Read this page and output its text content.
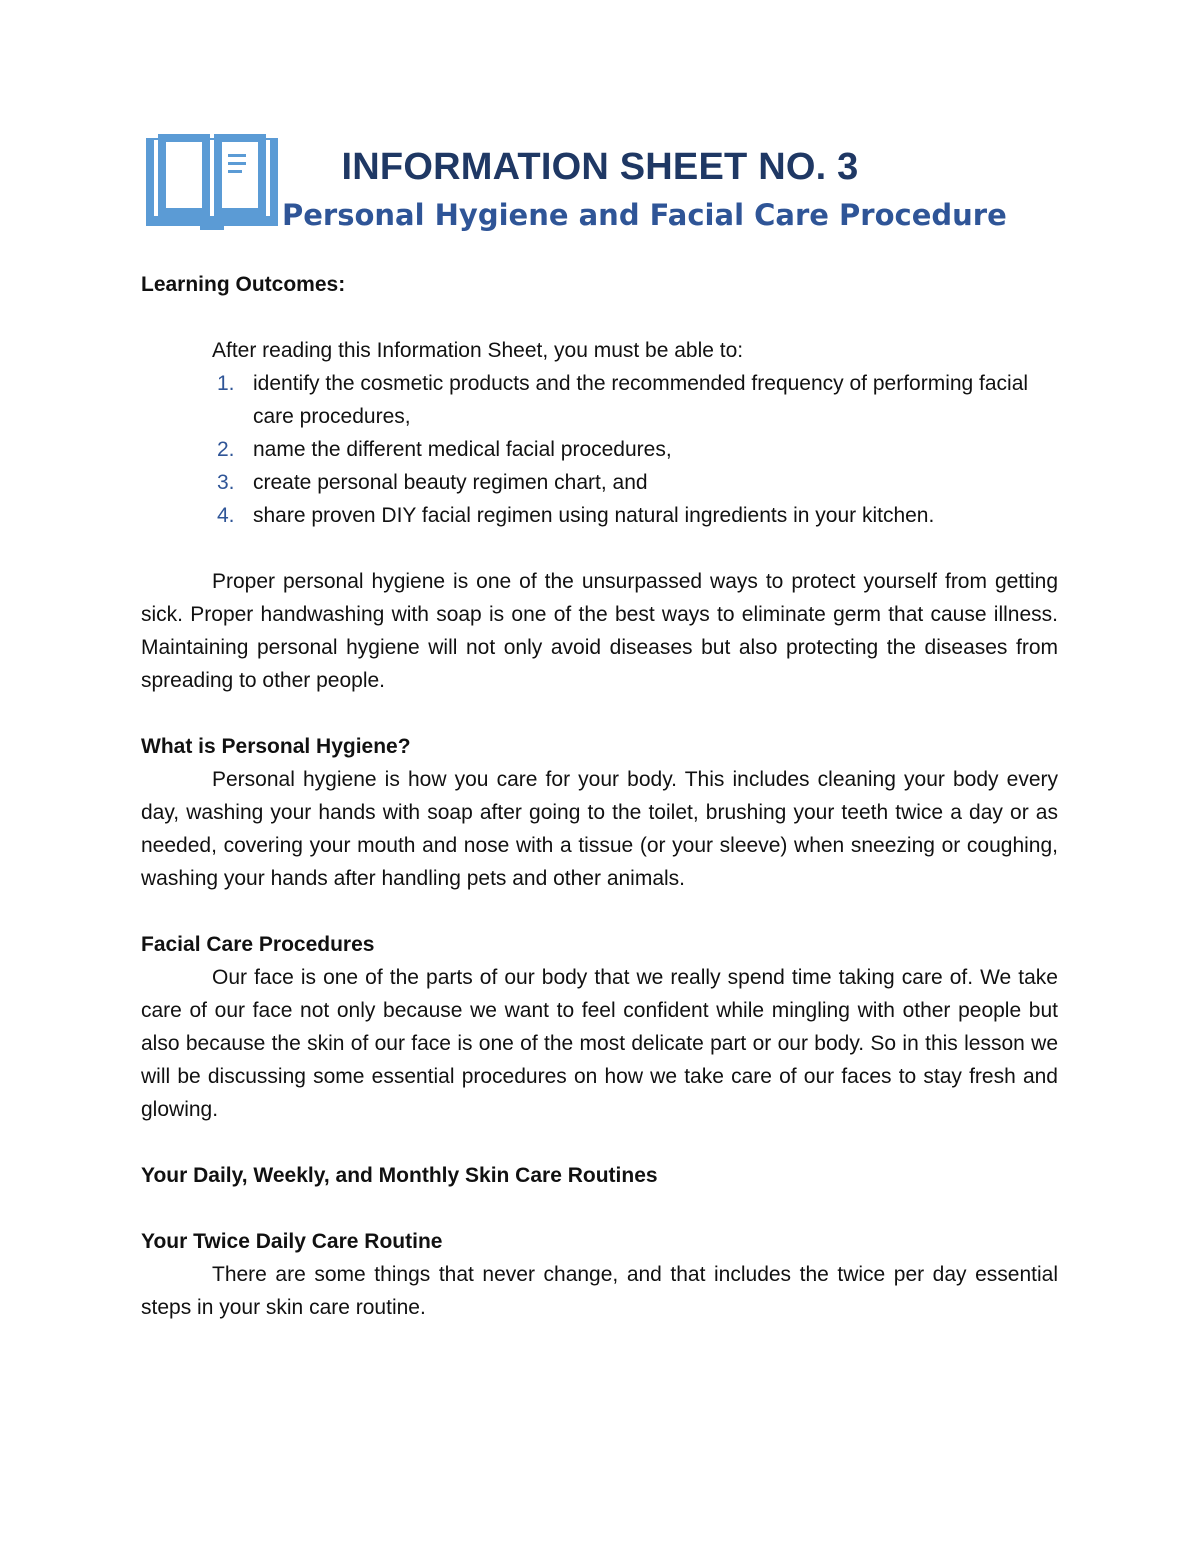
INFORMATION SHEET NO. 3
Personal Hygiene and Facial Care Procedure

Learning Outcomes:

After reading this Information Sheet, you must be able to:

1. identify the cosmetic products and the recommended frequency of performing facial care procedures,
2. name the different medical facial procedures,
3. create personal beauty regimen chart, and
4. share proven DIY facial regimen using natural ingredients in your kitchen.

Proper personal hygiene is one of the unsurpassed ways to protect yourself from getting sick. Proper handwashing with soap is one of the best ways to eliminate germ that cause illness. Maintaining personal hygiene will not only avoid diseases but also protecting the diseases from spreading to other people.

What is Personal Hygiene?

Personal hygiene is how you care for your body. This includes cleaning your body every day, washing your hands with soap after going to the toilet, brushing your teeth twice a day or as needed, covering your mouth and nose with a tissue (or your sleeve) when sneezing or coughing, washing your hands after handling pets and other animals.

Facial Care Procedures

Our face is one of the parts of our body that we really spend time taking care of. We take care of our face not only because we want to feel confident while mingling with other people but also because the skin of our face is one of the most delicate part or our body. So in this lesson we will be discussing some essential procedures on how we take care of our faces to stay fresh and glowing.

Your Daily, Weekly, and Monthly Skin Care Routines

Your Twice Daily Care Routine

There are some things that never change, and that includes the twice per day essential steps in your skin care routine.
